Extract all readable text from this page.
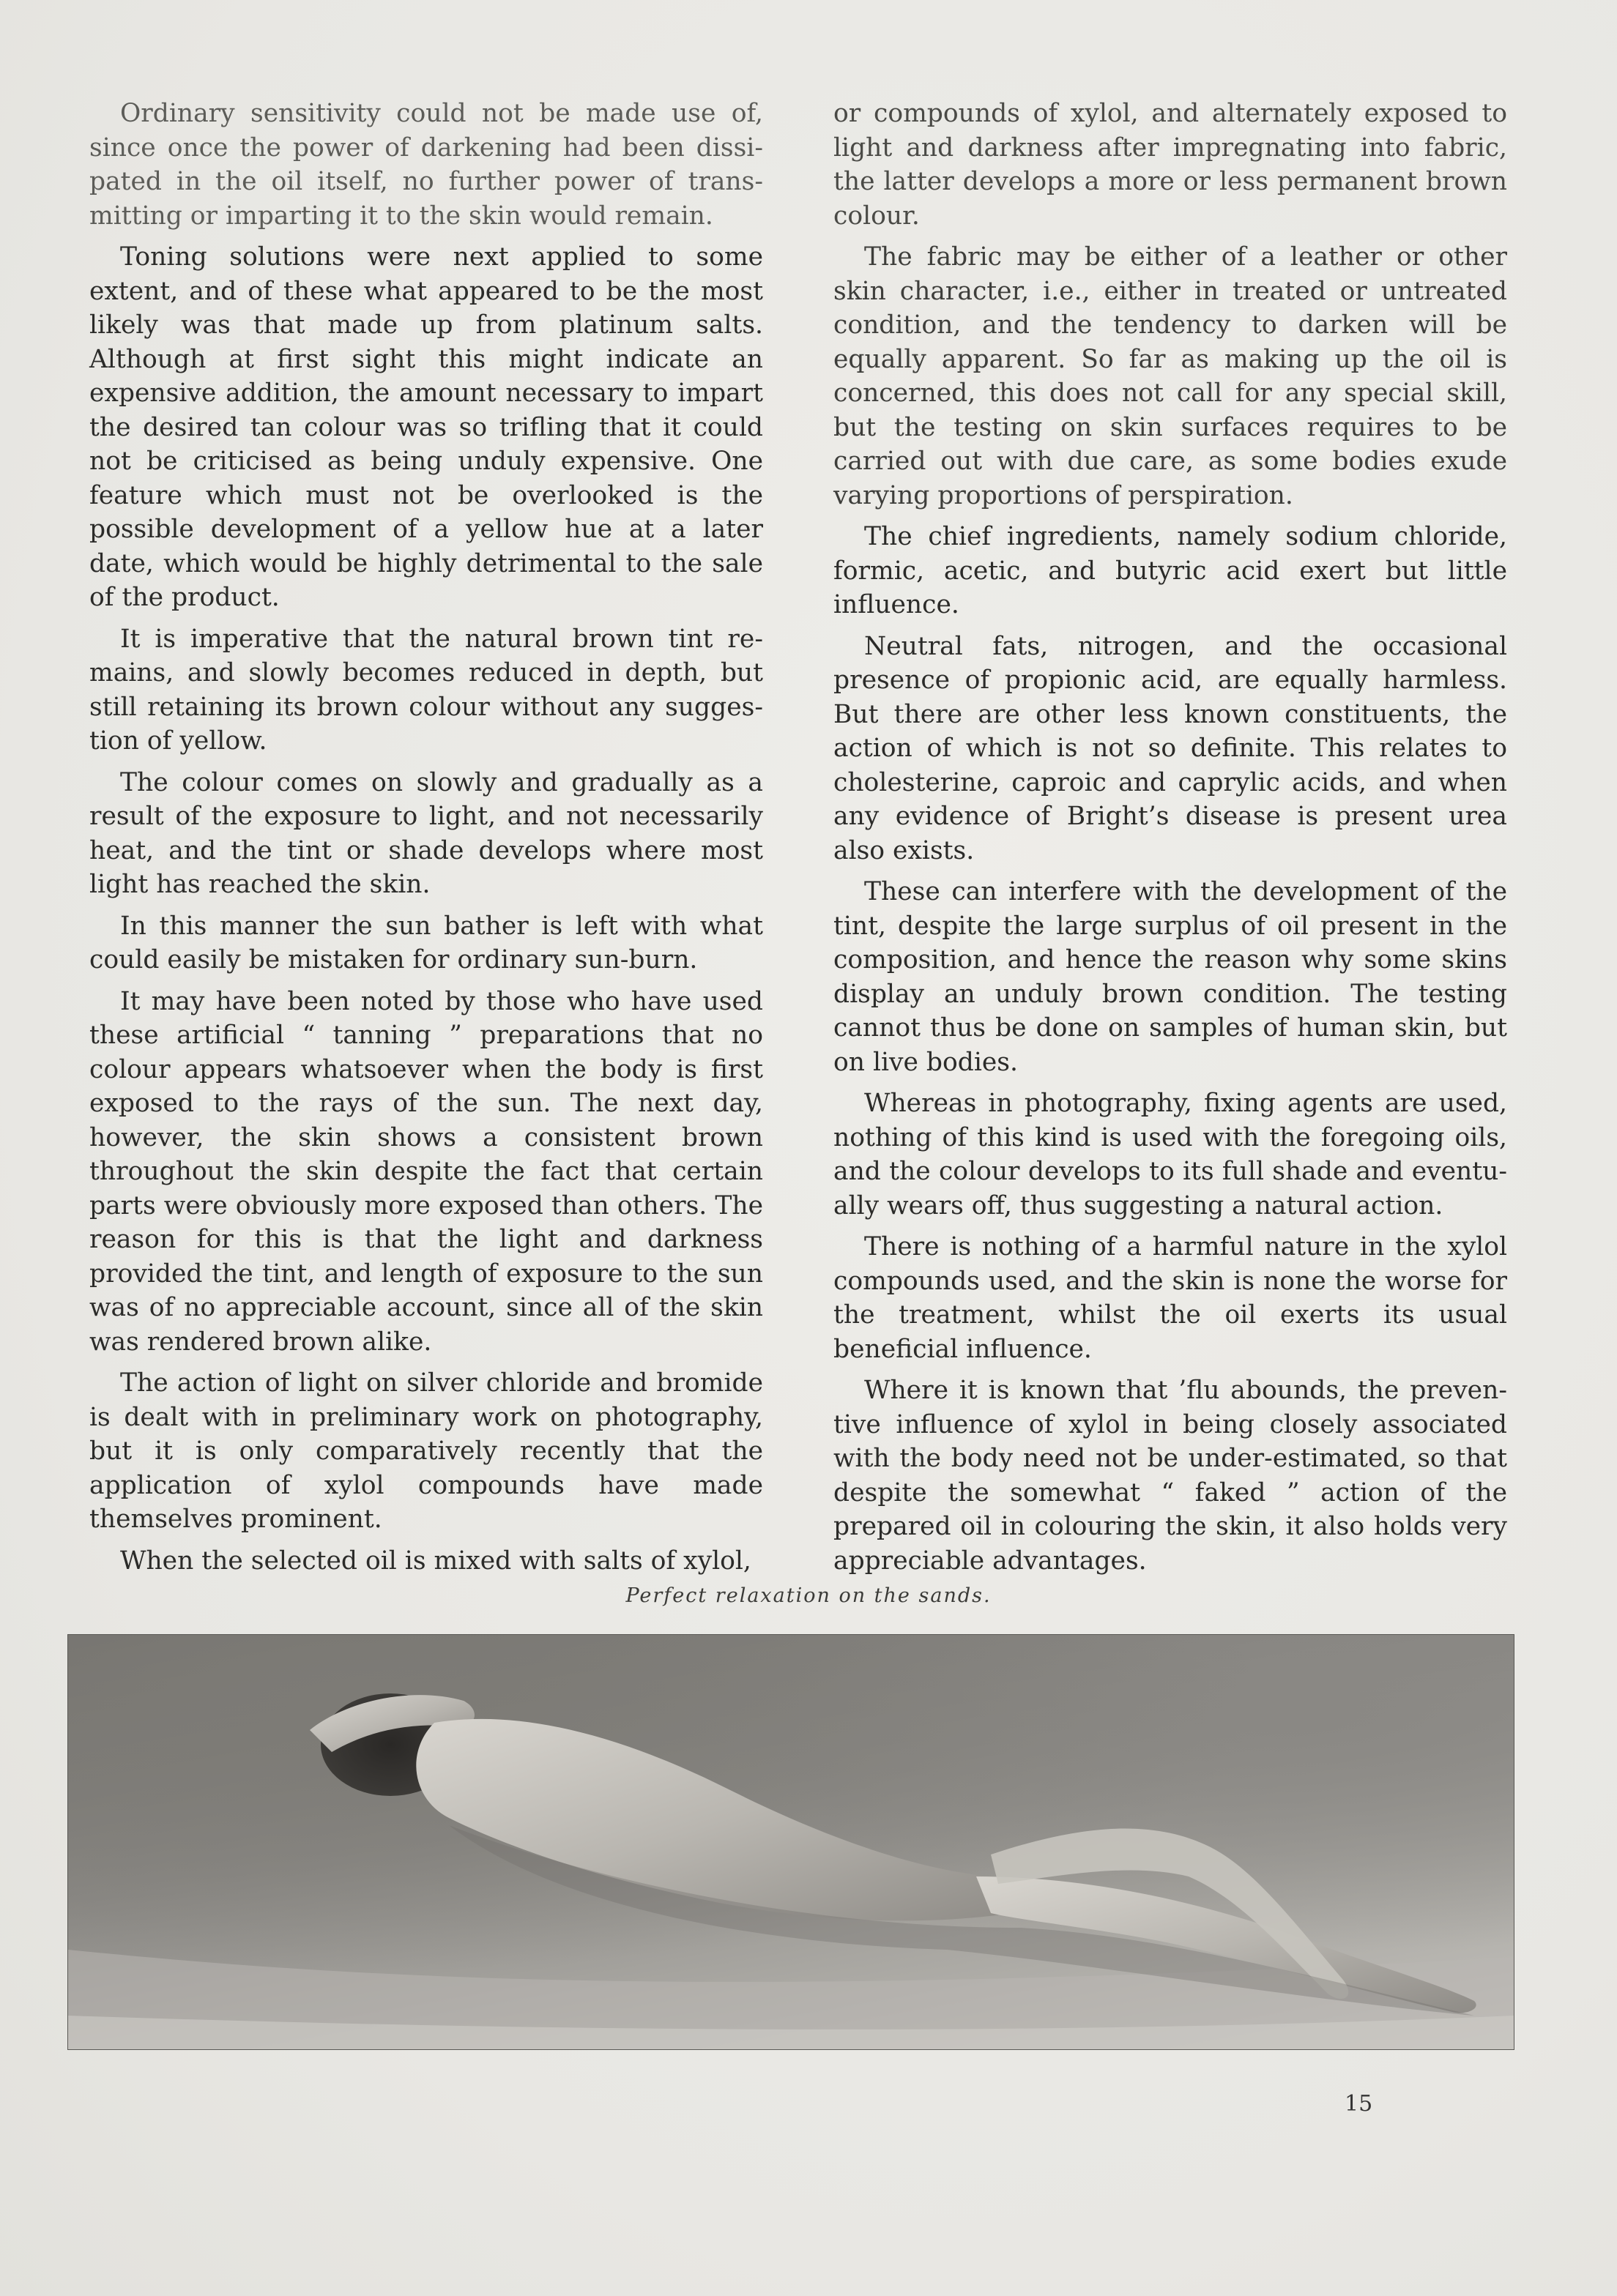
Ordinary sensitivity could not be made use of, since once the power of darkening had been dissipated in the oil itself, no further power of transmitting or imparting it to the skin would remain.

Toning solutions were next applied to some extent, and of these what appeared to be the most likely was that made up from platinum salts. Although at first sight this might indicate an expensive addition, the amount necessary to impart the desired tan colour was so trifling that it could not be criticised as being unduly expensive. One feature which must not be overlooked is the possible development of a yellow hue at a later date, which would be highly detrimental to the sale of the product.

It is imperative that the natural brown tint remains, and slowly becomes reduced in depth, but still retaining its brown colour without any suggestion of yellow.

The colour comes on slowly and gradually as a result of the exposure to light, and not necessarily heat, and the tint or shade develops where most light has reached the skin.

In this manner the sun bather is left with what could easily be mistaken for ordinary sun-burn.

It may have been noted by those who have used these artificial “ tanning ” preparations that no colour appears whatsoever when the body is first exposed to the rays of the sun. The next day, however, the skin shows a consistent brown throughout the skin despite the fact that certain parts were obviously more exposed than others. The reason for this is that the light and darkness provided the tint, and length of exposure to the sun was of no appreciable account, since all of the skin was rendered brown alike.

The action of light on silver chloride and bromide is dealt with in preliminary work on photography, but it is only comparatively recently that the application of xylol compounds have made themselves prominent.

When the selected oil is mixed with salts of xylol,

or compounds of xylol, and alternately exposed to light and darkness after impregnating into fabric, the latter develops a more or less permanent brown colour.

The fabric may be either of a leather or other skin character, i.e., either in treated or untreated condition, and the tendency to darken will be equally apparent. So far as making up the oil is concerned, this does not call for any special skill, but the testing on skin surfaces requires to be carried out with due care, as some bodies exude varying proportions of perspiration.

The chief ingredients, namely sodium chloride, formic, acetic, and butyric acid exert but little influence.

Neutral fats, nitrogen, and the occasional presence of propionic acid, are equally harmless. But there are other less known constituents, the action of which is not so definite. This relates to cholesterine, caproic and caprylic acids, and when any evidence of Bright’s disease is present urea also exists.

These can interfere with the development of the tint, despite the large surplus of oil present in the composition, and hence the reason why some skins display an unduly brown condition. The testing cannot thus be done on samples of human skin, but on live bodies.

Whereas in photography, fixing agents are used, nothing of this kind is used with the foregoing oils, and the colour develops to its full shade and eventually wears off, thus suggesting a natural action.

There is nothing of a harmful nature in the xylol compounds used, and the skin is none the worse for the treatment, whilst the oil exerts its usual beneficial influence.

Where it is known that ’flu abounds, the preventive influence of xylol in being closely associated with the body need not be under-estimated, so that despite the somewhat “ faked ” action of the prepared oil in colouring the skin, it also holds very appreciable advantages.

Perfect relaxation on the sands.
15
